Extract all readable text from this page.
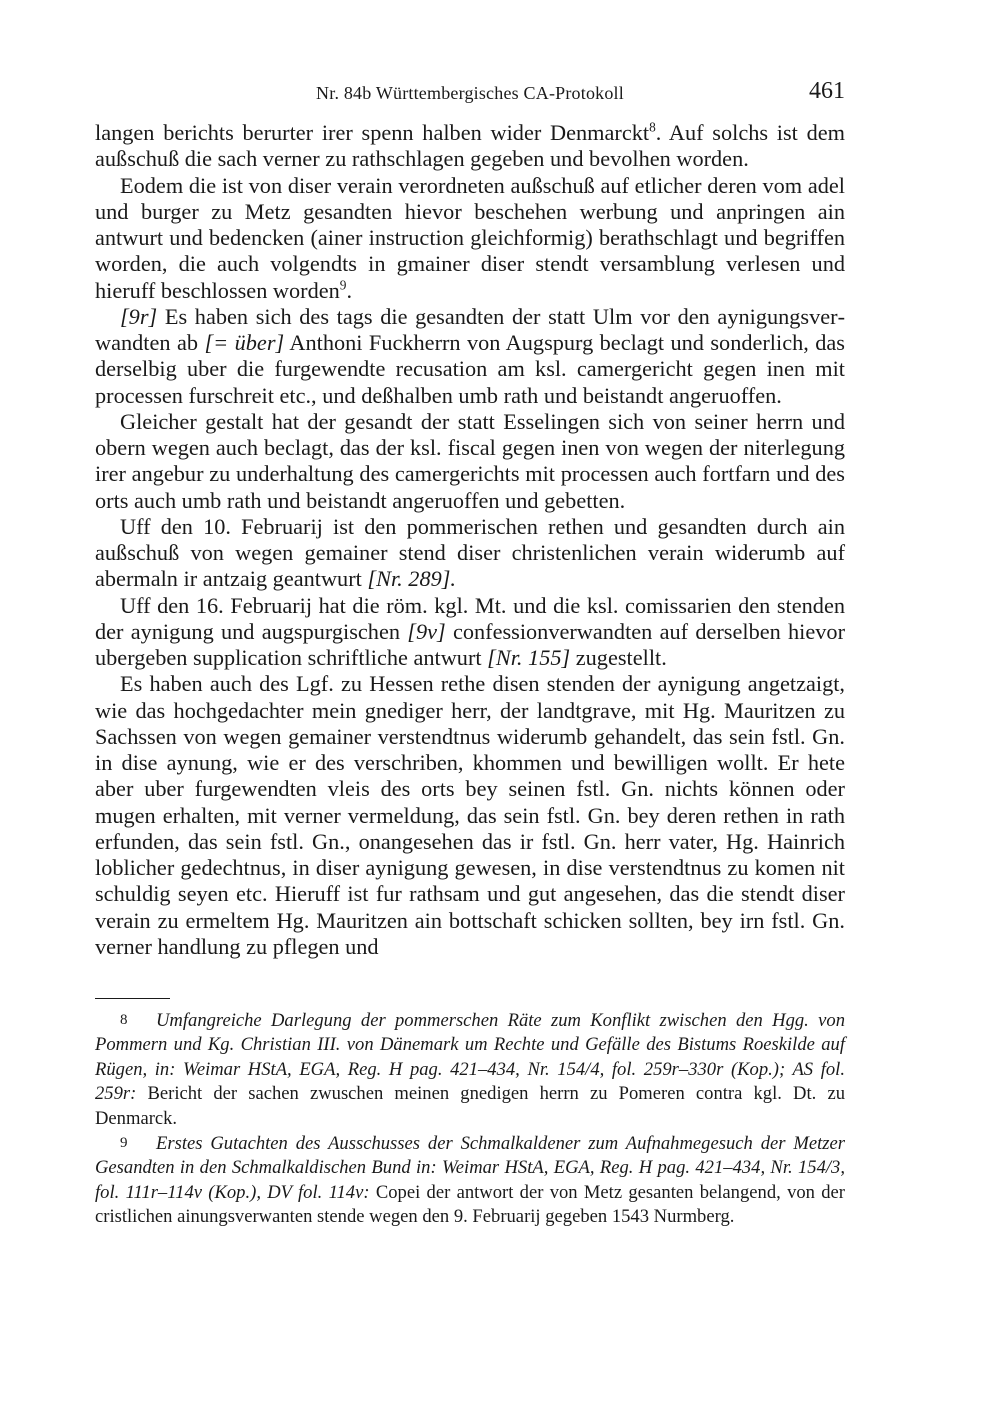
Nr. 84b Württembergisches CA-Protokoll	461

langen berichts berurter irer spenn halben wider Denmarckt$^8$. Auf solchs ist dem außschuß die sach verner zu rathschlagen gegeben und bevolhen worden.

Eodem die ist von diser verain verordneten außschuß auf etlicher deren vom adel und burger zu Metz gesandten hievor beschehen werbung und anpringen ain antwurt und bedencken (ainer instruction gleichformig) berathschlagt und begriffen worden, die auch volgendts in gmainer diser stendt versamblung verlesen und hieruff beschlossen worden$^9$.

[9r] Es haben sich des tags die gesandten der statt Ulm vor den aynigungsverwandten ab [= über] Anthoni Fuckherrn von Augspurg beclagt und sonderlich, das derselbig uber die furgewendte recusation am ksl. camergericht gegen inen mit processen furschreit etc., und deßhalben umb rath und beistandt angeruoffen.

Gleicher gestalt hat der gesandt der statt Esselingen sich von seiner herrn und obern wegen auch beclagt, das der ksl. fiscal gegen inen von wegen der niterlegung irer angebur zu underhaltung des camergerichts mit processen auch fortfarn und des orts auch umb rath und beistandt angeruoffen und gebetten.

Uff den 10. Februarij ist den pommerischen rethen und gesandten durch ain außschuß von wegen gemainer stend diser christenlichen verain widerumb auf abermaln ir antzaig geantwurt [Nr. 289].

Uff den 16. Februarij hat die röm. kgl. Mt. und die ksl. comissarien den stenden der aynigung und augspurgischen [9v] confessionverwandten auf derselben hievor ubergeben supplication schriftliche antwurt [Nr. 155] zugestellt.

Es haben auch des Lgf. zu Hessen rethe disen stenden der aynigung angetzaigt, wie das hochgedachter mein gnediger herr, der landtgrave, mit Hg. Mauritzen zu Sachssen von wegen gemainer verstendtnus widerumb gehandelt, das sein fstl. Gn. in dise aynung, wie er des verschriben, khommen und bewilligen wollt. Er hete aber uber furgewendten vleis des orts bey seinen fstl. Gn. nichts können oder mugen erhalten, mit verner vermeldung, das sein fstl. Gn. bey deren rethen in rath erfunden, das sein fstl. Gn., onangesehen das ir fstl. Gn. herr vater, Hg. Hainrich loblicher gedechtnus, in diser aynigung gewesen, in dise verstendtnus zu komen nit schuldig seyen etc. Hieruff ist fur rathsam und gut angesehen, das die stendt diser verain zu ermeltem Hg. Mauritzen ain bottschaft schicken sollten, bey irn fstl. Gn. verner handlung zu pflegen und

8 Umfangreiche Darlegung der pommerschen Räte zum Konflikt zwischen den Hgg. von Pommern und Kg. Christian III. von Dänemark um Rechte und Gefälle des Bistums Roeskilde auf Rügen, in: Weimar HStA, EGA, Reg. H pag. 421–434, Nr. 154/4, fol. 259r–330r (Kop.); AS fol. 259r: Bericht der sachen zwuschen meinen gnedigen herrn zu Pomeren contra kgl. Dt. zu Denmarck.

9 Erstes Gutachten des Ausschusses der Schmalkaldener zum Aufnahmegesuch der Metzer Gesandten in den Schmalkaldischen Bund in: Weimar HStA, EGA, Reg. H pag. 421–434, Nr. 154/3, fol. 111r–114v (Kop.), DV fol. 114v: Copei der antwort der von Metz gesanten belangend, von der cristlichen ainungsverwanten stende wegen den 9. Februarij gegeben 1543 Nurmberg.
